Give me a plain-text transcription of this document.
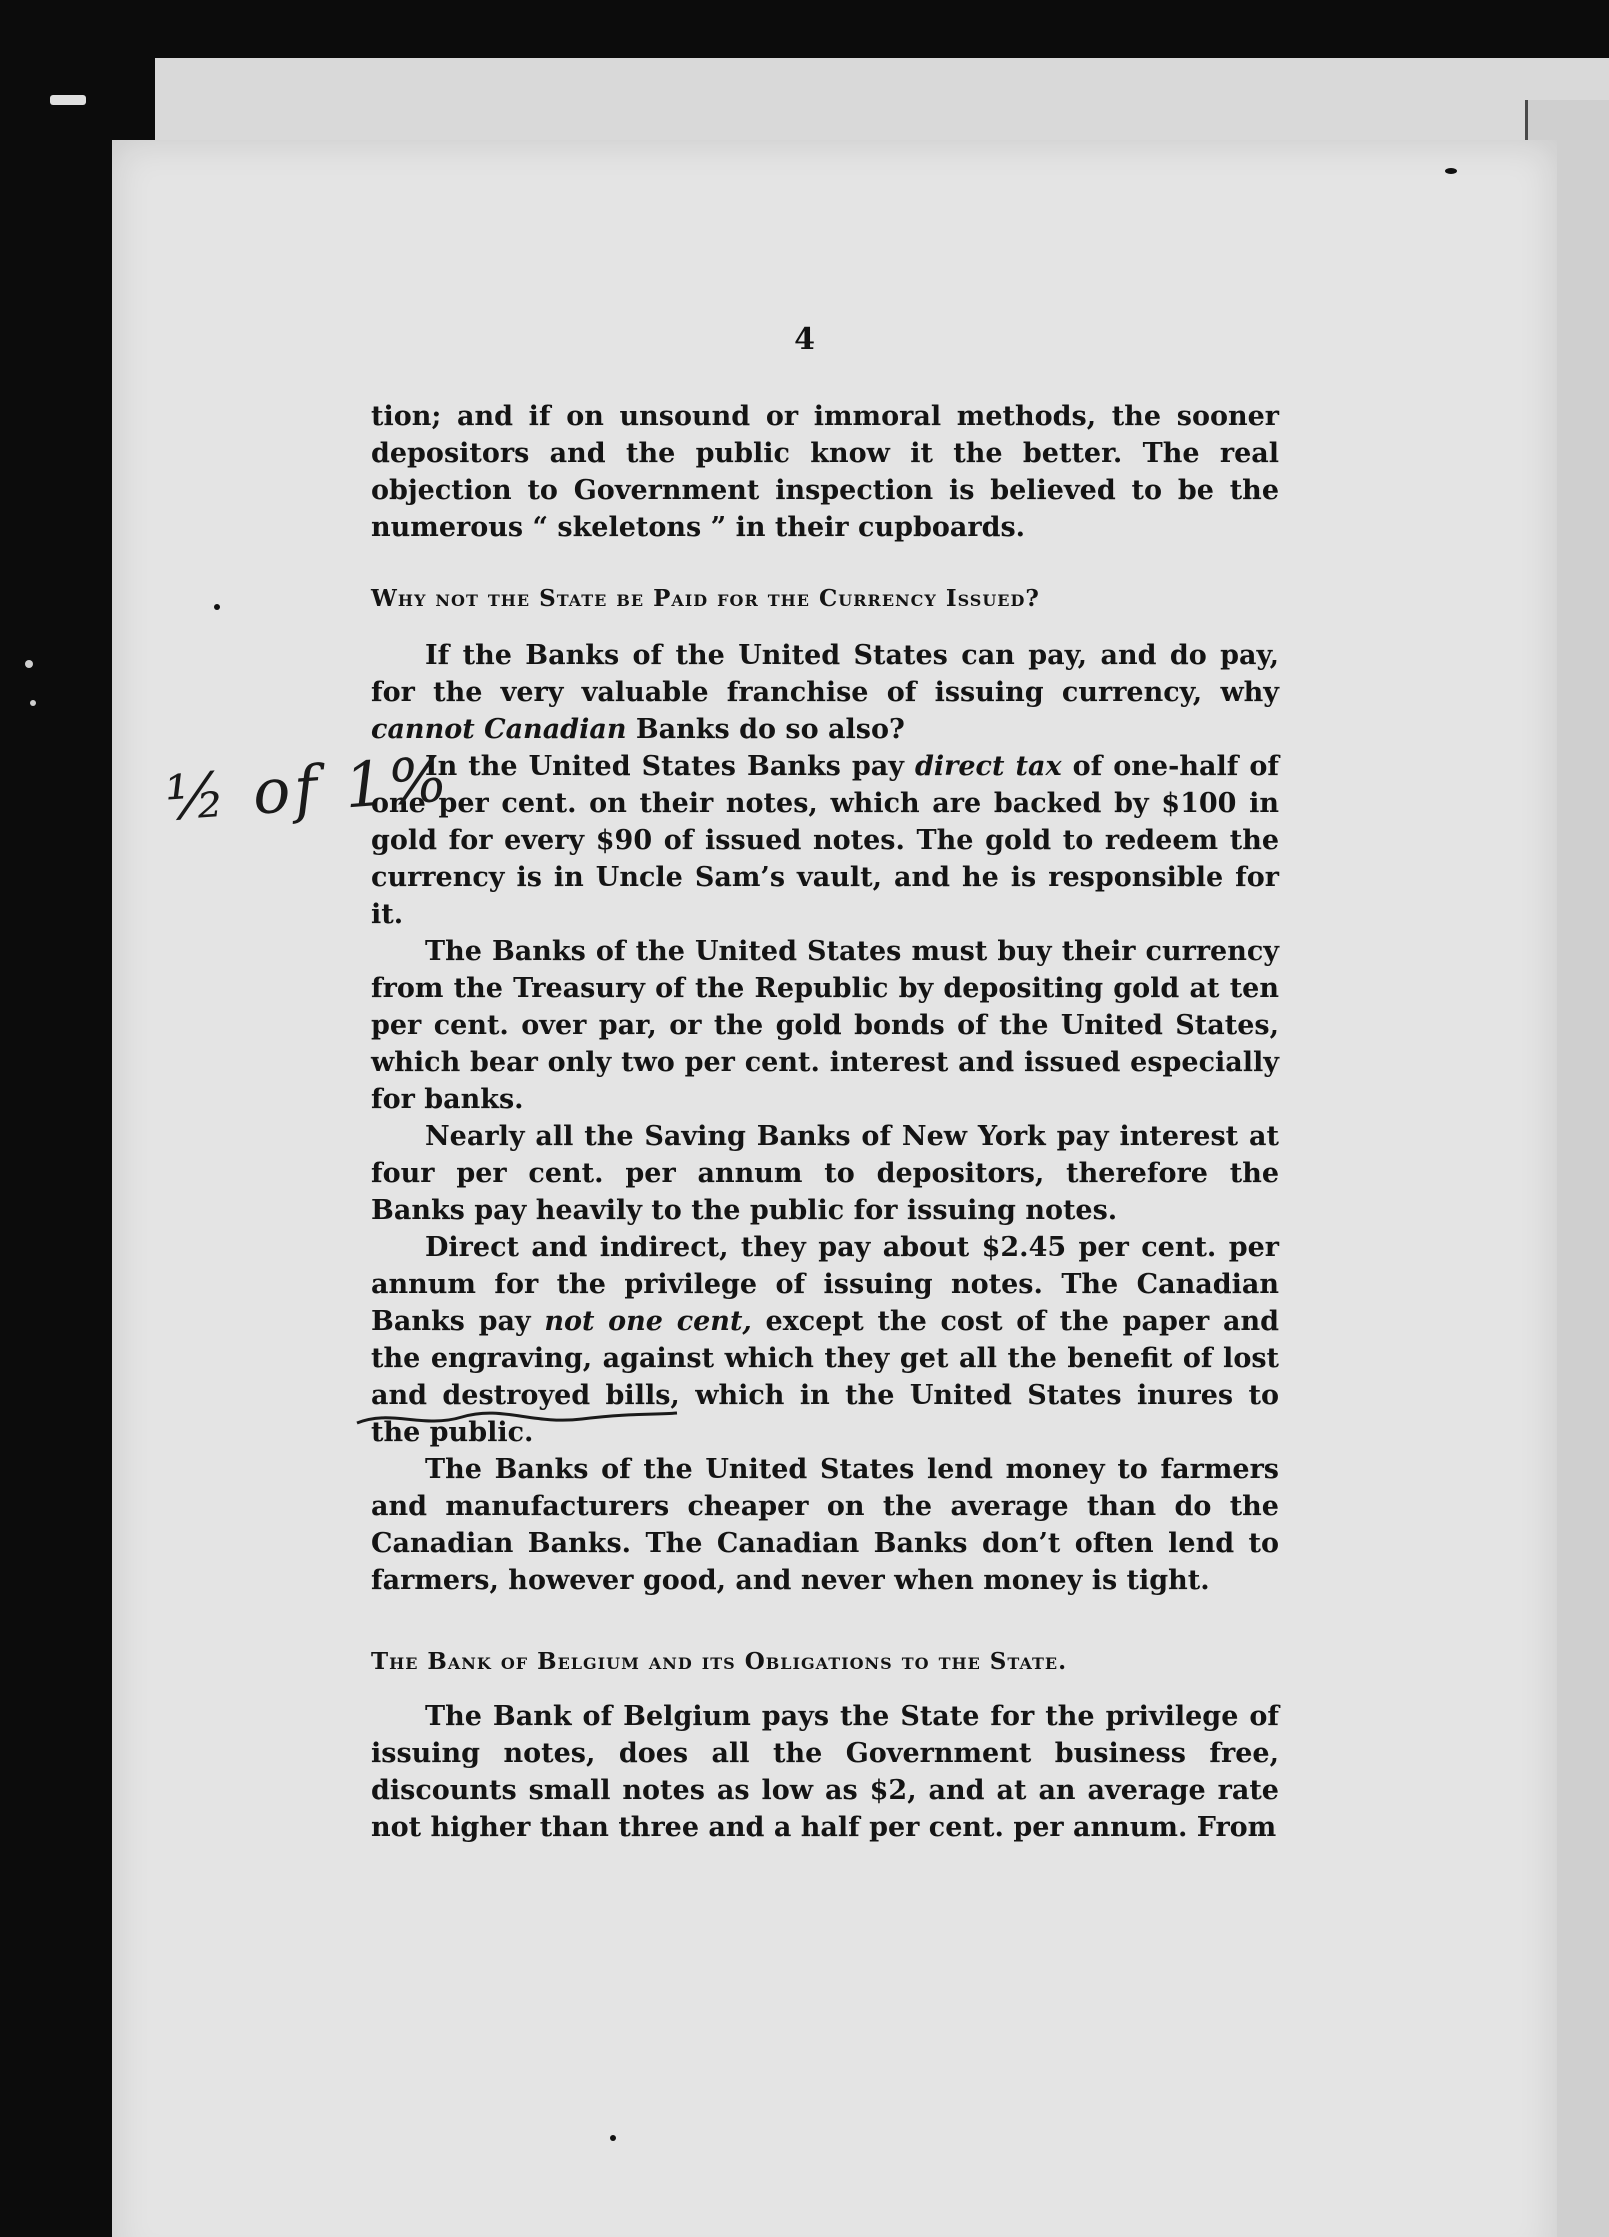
4

tion; and if on unsound or immoral methods, the sooner depositors and the public know it the better. The real objection to Government inspection is believed to be the numerous “ skeletons ” in their cupboards.

Why not the State be Paid for the Currency Issued?

If the Banks of the United States can pay, and do pay, for the very valuable franchise of issuing currency, why cannot Canadian Banks do so also?

In the United States Banks pay direct tax of one-half of one per cent. on their notes, which are backed by $100 in gold for every $90 of issued notes. The gold to redeem the currency is in Uncle Sam’s vault, and he is responsible for it.

The Banks of the United States must buy their currency from the Treasury of the Republic by depositing gold at ten per cent. over par, or the gold bonds of the United States, which bear only two per cent. interest and issued especially for banks.

Nearly all the Saving Banks of New York pay interest at four per cent. per annum to depositors, therefore the Banks pay heavily to the public for issuing notes.

Direct and indirect, they pay about $2.45 per cent. per annum for the privilege of issuing notes. The Canadian Banks pay not one cent, except the cost of the paper and the engraving, against which they get all the benefit of lost and destroyed bills, which in the United States inures to the public.

The Banks of the United States lend money to farmers and manufacturers cheaper on the average than do the Canadian Banks. The Canadian Banks don’t often lend to farmers, however good, and never when money is tight.

The Bank of Belgium and its Obligations to the State.

The Bank of Belgium pays the State for the privilege of issuing notes, does all the Government business free, discounts small notes as low as $2, and at an average rate not higher than three and a half per cent. per annum. From

½ of 1%
